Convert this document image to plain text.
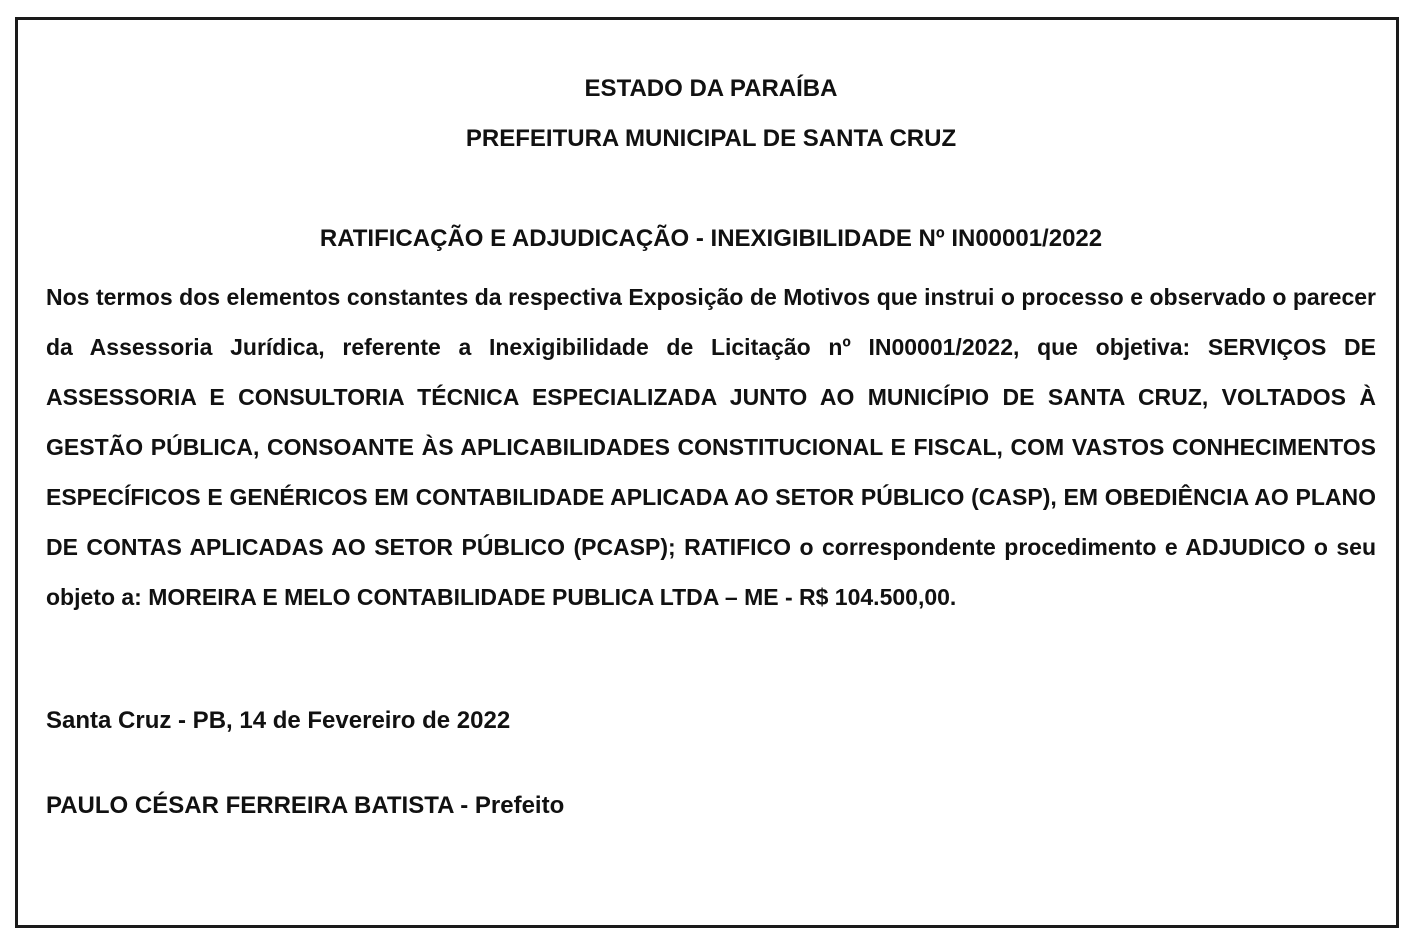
ESTADO DA PARAÍBA
PREFEITURA MUNICIPAL DE SANTA CRUZ
RATIFICAÇÃO E ADJUDICAÇÃO - INEXIGIBILIDADE Nº IN00001/2022

Nos termos dos elementos constantes da respectiva Exposição de Motivos que instrui o processo e observado o parecer da Assessoria Jurídica, referente a Inexigibilidade de Licitação nº IN00001/2022, que objetiva: SERVIÇOS DE ASSESSORIA E CONSULTORIA TÉCNICA ESPECIALIZADA JUNTO AO MUNICÍPIO DE SANTA CRUZ, VOLTADOS À GESTÃO PÚBLICA, CONSOANTE ÀS APLICABILIDADES CONSTITUCIONAL E FISCAL, COM VASTOS CONHECIMENTOS ESPECÍFICOS E GENÉRICOS EM CONTABILIDADE APLICADA AO SETOR PÚBLICO (CASP), EM OBEDIÊNCIA AO PLANO DE CONTAS APLICADAS AO SETOR PÚBLICO (PCASP); RATIFICO o correspondente procedimento e ADJUDICO o seu objeto a: MOREIRA E MELO CONTABILIDADE PUBLICA LTDA – ME - R$ 104.500,00.

Santa Cruz - PB, 14 de Fevereiro de 2022
PAULO CÉSAR FERREIRA BATISTA - Prefeito
